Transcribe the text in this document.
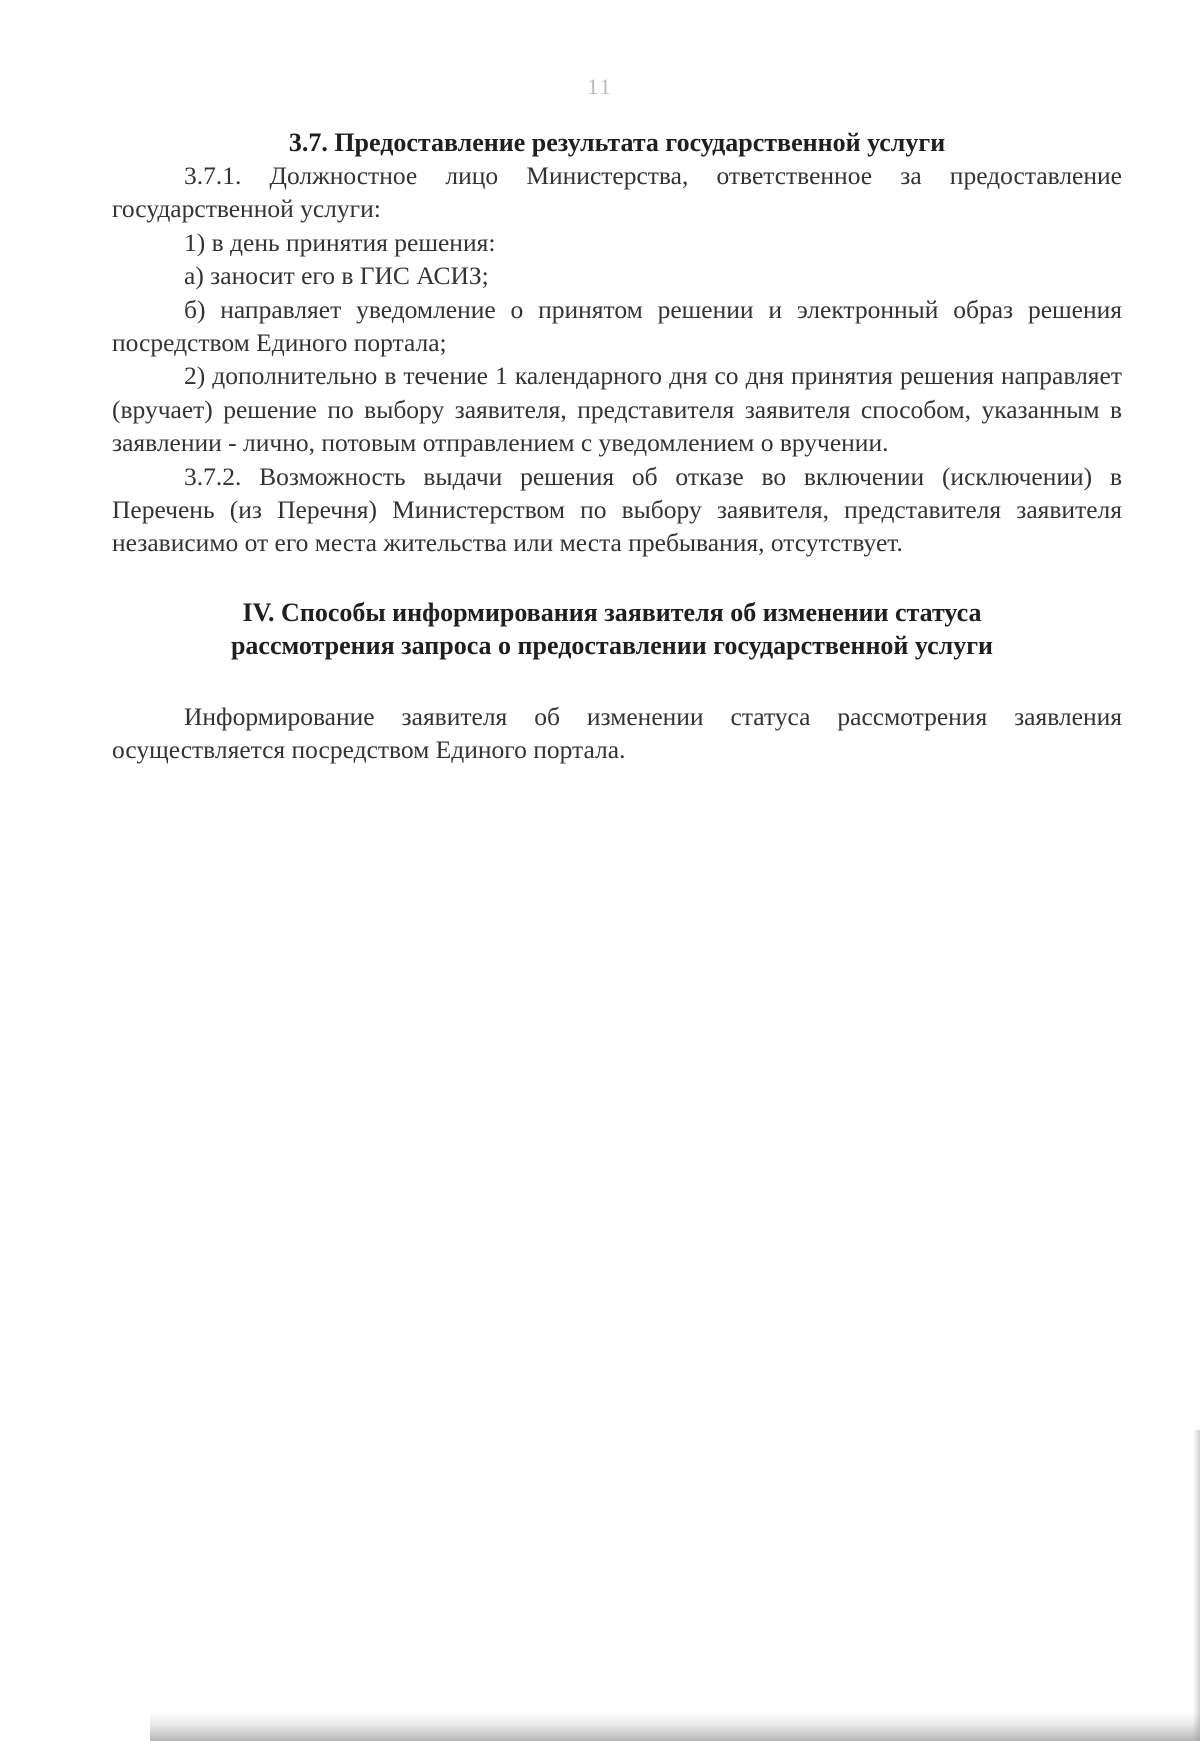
11
3.7. Предоставление результата государственной услуги

3.7.1. Должностное лицо Министерства, ответственное за предоставление государственной услуги:

1) в день принятия решения:

а) заносит его в ГИС АСИЗ;

б) направляет уведомление о принятом решении и электронный образ решения посредством Единого портала;

2) дополнительно в течение 1 календарного дня со дня принятия решения направляет (вручает) решение по выбору заявителя, представителя заявителя способом, указанным в заявлении - лично, потовым отправлением с уведомлением о вручении.

3.7.2. Возможность выдачи решения об отказе во включении (исключении) в Перечень (из Перечня) Министерством по выбору заявителя, представителя заявителя независимо от его места жительства или места пребывания, отсутствует.

IV. Способы информирования заявителя об изменении статуса
рассмотрения запроса о предоставлении государственной услуги

Информирование заявителя об изменении статуса рассмотрения заявления осуществляется посредством Единого портала.
